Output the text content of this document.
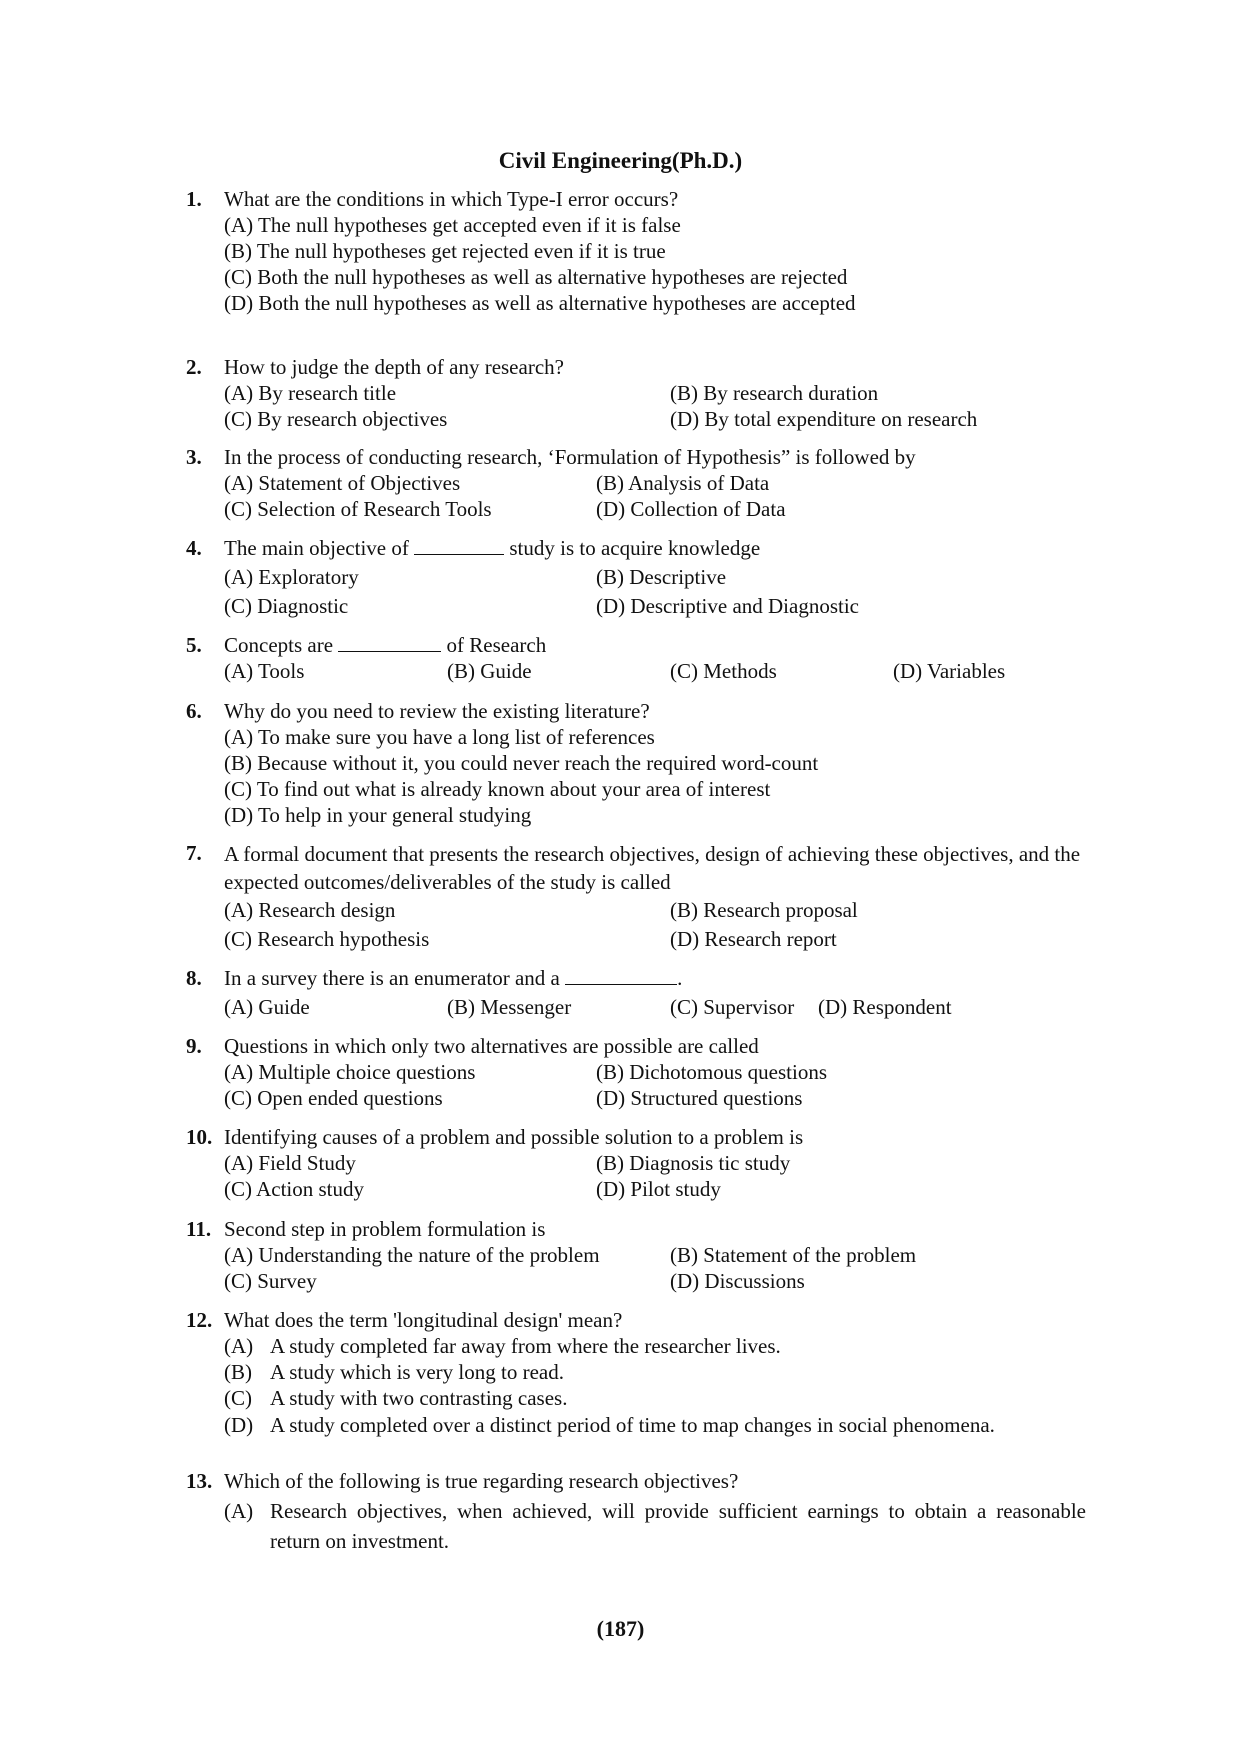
Civil Engineering(Ph.D.)
1. What are the conditions in which Type-I error occurs?
(A) The null hypotheses get accepted even if it is false
(B) The null hypotheses get rejected even if it is true
(C) Both the null hypotheses as well as alternative hypotheses are rejected
(D) Both the null hypotheses as well as alternative hypotheses are accepted
2. How to judge the depth of any research?
(A) By research title	(B) By research duration
(C) By research objectives	(D) By total expenditure on research
3. In the process of conducting research, ‘Formulation of Hypothesis” is followed by
(A) Statement of Objectives	(B) Analysis of Data
(C) Selection of Research Tools	(D) Collection of Data
4. The main objective of	study is to acquire knowledge
(A) Exploratory	(B) Descriptive
(C) Diagnostic	(D) Descriptive and Diagnostic
5. Concepts are	of Research
(A) Tools	(B) Guide	(C) Methods	(D) Variables
6. Why do you need to review the existing literature?
(A) To make sure you have a long list of references
(B) Because without it, you could never reach the required word-count
(C) To find out what is already known about your area of interest
(D) To help in your general studying
7. A formal document that presents the research objectives, design of achieving these objectives, and the expected outcomes/deliverables of the study is called
(A) Research design	(B) Research proposal
(C) Research hypothesis	(D) Research report
8. In a survey there is an enumerator and a	.
(A) Guide	(B) Messenger	(C) Supervisor (D) Respondent
9. Questions in which only two alternatives are possible are called
(A) Multiple choice questions	(B) Dichotomous questions
(C) Open ended questions	(D) Structured questions
10. Identifying causes of a problem and possible solution to a problem is
(A) Field Study	(B) Diagnosis tic study
(C) Action study	(D) Pilot study
11. Second step in problem formulation is
(A) Understanding the nature of the problem	(B) Statement of the problem
(C) Survey	(D) Discussions
12. What does the term 'longitudinal design' mean?
(A) A study completed far away from where the researcher lives.
(B) A study which is very long to read.
(C) A study with two contrasting cases.
(D) A study completed over a distinct period of time to map changes in social phenomena.
13. Which of the following is true regarding research objectives?
(A) Research objectives, when achieved, will provide sufficient earnings to obtain a reasonable return on investment.
(187)
